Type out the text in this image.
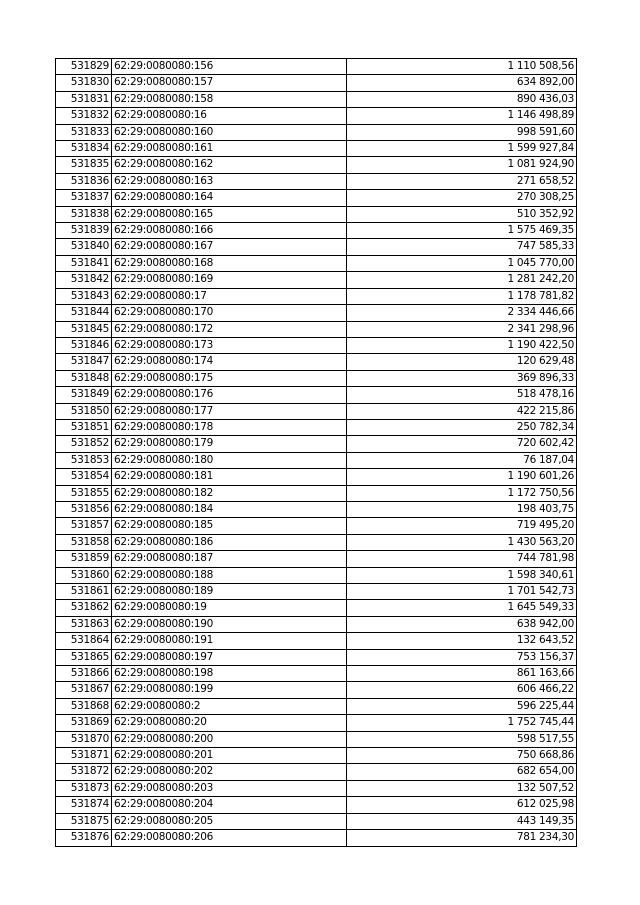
531829	62:29:0080080:156	1 110 508,56
531830	62:29:0080080:157	634 892,00
531831	62:29:0080080:158	890 436,03
531832	62:29:0080080:16	1 146 498,89
531833	62:29:0080080:160	998 591,60
531834	62:29:0080080:161	1 599 927,84
531835	62:29:0080080:162	1 081 924,90
531836	62:29:0080080:163	271 658,52
531837	62:29:0080080:164	270 308,25
531838	62:29:0080080:165	510 352,92
531839	62:29:0080080:166	1 575 469,35
531840	62:29:0080080:167	747 585,33
531841	62:29:0080080:168	1 045 770,00
531842	62:29:0080080:169	1 281 242,20
531843	62:29:0080080:17	1 178 781,82
531844	62:29:0080080:170	2 334 446,66
531845	62:29:0080080:172	2 341 298,96
531846	62:29:0080080:173	1 190 422,50
531847	62:29:0080080:174	120 629,48
531848	62:29:0080080:175	369 896,33
531849	62:29:0080080:176	518 478,16
531850	62:29:0080080:177	422 215,86
531851	62:29:0080080:178	250 782,34
531852	62:29:0080080:179	720 602,42
531853	62:29:0080080:180	76 187,04
531854	62:29:0080080:181	1 190 601,26
531855	62:29:0080080:182	1 172 750,56
531856	62:29:0080080:184	198 403,75
531857	62:29:0080080:185	719 495,20
531858	62:29:0080080:186	1 430 563,20
531859	62:29:0080080:187	744 781,98
531860	62:29:0080080:188	1 598 340,61
531861	62:29:0080080:189	1 701 542,73
531862	62:29:0080080:19	1 645 549,33
531863	62:29:0080080:190	638 942,00
531864	62:29:0080080:191	132 643,52
531865	62:29:0080080:197	753 156,37
531866	62:29:0080080:198	861 163,66
531867	62:29:0080080:199	606 466,22
531868	62:29:0080080:2	596 225,44
531869	62:29:0080080:20	1 752 745,44
531870	62:29:0080080:200	598 517,55
531871	62:29:0080080:201	750 668,86
531872	62:29:0080080:202	682 654,00
531873	62:29:0080080:203	132 507,52
531874	62:29:0080080:204	612 025,98
531875	62:29:0080080:205	443 149,35
531876	62:29:0080080:206	781 234,30
